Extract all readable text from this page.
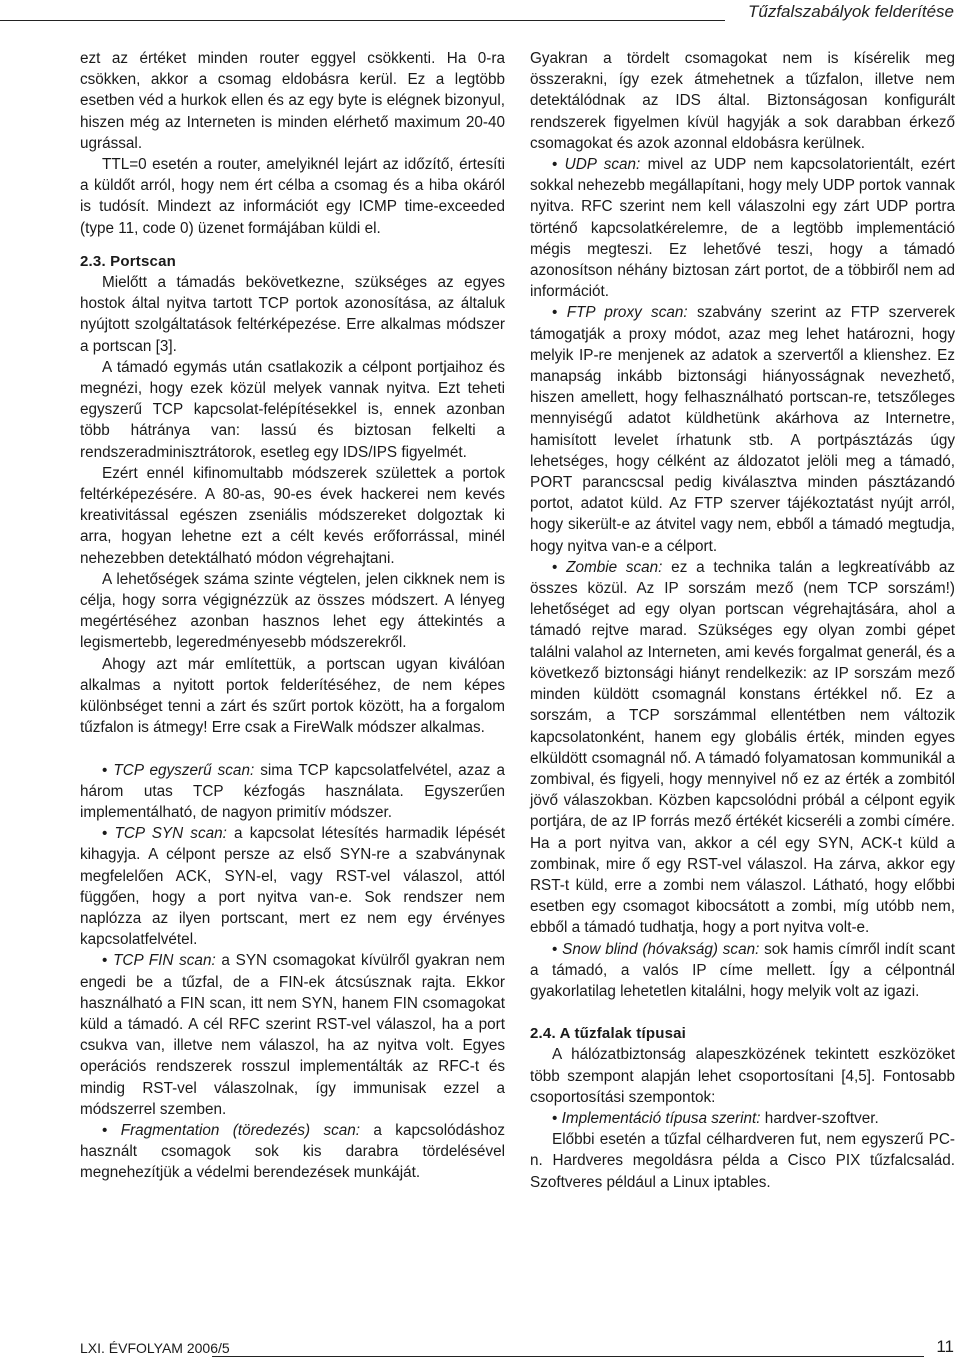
Tűzfalszabályok felderítése

ezt az értéket minden router eggyel csökkenti. Ha 0-ra csökken, akkor a csomag eldobásra kerül. Ez a legtöbb esetben véd a hurkok ellen és az egy byte is elégnek bizonyul, hiszen még az Interneten is minden elérhető maximum 20-40 ugrással.

TTL=0 esetén a router, amelyiknél lejárt az időzítő, értesíti a küldőt arról, hogy nem ért célba a csomag és a hiba okáról is tudósít. Mindezt az információt egy ICMP time-exceeded (type 11, code 0) üzenet formájában küldi el.

2.3. Portscan

Mielőtt a támadás bekövetkezne, szükséges az egyes hostok által nyitva tartott TCP portok azonosítása, az általuk nyújtott szolgáltatások feltérképezése. Erre alkalmas módszer a portscan [3].

A támadó egymás után csatlakozik a célpont portjaihoz és megnézi, hogy ezek közül melyek vannak nyitva. Ezt teheti egyszerű TCP kapcsolat-felépítésekkel is, ennek azonban több hátránya van: lassú és biztosan felkelti a rendszeradminisztrátorok, esetleg egy IDS/IPS figyelmét.

Ezért ennél kifinomultabb módszerek születtek a portok feltérképezésére. A 80-as, 90-es évek hackerei nem kevés kreativitással egészen zseniális módszereket dolgoztak ki arra, hogyan lehetne ezt a célt kevés erőforrással, minél nehezebben detektálható módon végrehajtani.

A lehetőségek száma szinte végtelen, jelen cikknek nem is célja, hogy sorra végignézzük az összes módszert. A lényeg megértéséhez azonban hasznos lehet egy áttekintés a legismertebb, legeredményesebb módszerekről.

Ahogy azt már említettük, a portscan ugyan kiválóan alkalmas a nyitott portok felderítéséhez, de nem képes különbséget tenni a zárt és szűrt portok között, ha a forgalom tűzfalon is átmegy! Erre csak a FireWalk módszer alkalmas.

• TCP egyszerű scan: sima TCP kapcsolatfelvétel, azaz a három utas TCP kézfogás használata. Egyszerűen implementálható, de nagyon primitív módszer.

• TCP SYN scan: a kapcsolat létesítés harmadik lépését kihagyja. A célpont persze az első SYN-re a szabványnak megfelelően ACK, SYN-el, vagy RST-vel válaszol, attól függően, hogy a port nyitva van-e. Sok rendszer nem naplózza az ilyen portscant, mert ez nem egy érvényes kapcsolatfelvétel.

• TCP FIN scan: a SYN csomagokat kívülről gyakran nem engedi be a tűzfal, de a FIN-ek átcsúsznak rajta. Ekkor használható a FIN scan, itt nem SYN, hanem FIN csomagokat küld a támadó. A cél RFC szerint RST-vel válaszol, ha a port csukva van, illetve nem válaszol, ha az nyitva volt. Egyes operációs rendszerek rosszul implementálták az RFC-t és mindig RST-vel válaszolnak, így immunisak ezzel a módszerrel szemben.

• Fragmentation (töredezés) scan: a kapcsolódáshoz használt csomagok sok kis darabra tördelésével megnehezítjük a védelmi berendezések munkáját.

Gyakran a tördelt csomagokat nem is kísérelik meg összerakni, így ezek átmehetnek a tűzfalon, illetve nem detektálódnak az IDS által. Biztonságosan konfigurált rendszerek figyelmen kívül hagyják a sok darabban érkező csomagokat és azok azonnal eldobásra kerülnek.

• UDP scan: mivel az UDP nem kapcsolatorientált, ezért sokkal nehezebb megállapítani, hogy mely UDP portok vannak nyitva. RFC szerint nem kell válaszolni egy zárt UDP portra történő kapcsolatkérelemre, de a legtöbb implementáció mégis megteszi. Ez lehetővé teszi, hogy a támadó azonosítson néhány biztosan zárt portot, de a többiről nem ad információt.

• FTP proxy scan: szabvány szerint az FTP szerverek támogatják a proxy módot, azaz meg lehet határozni, hogy melyik IP-re menjenek az adatok a szervertől a klienshez. Ez manapság inkább biztonsági hiányosságnak nevezhető, hiszen amellett, hogy felhasználható portscan-re, tetszőleges mennyiségű adatot küldhetünk akárhova az Internetre, hamisított levelet írhatunk stb. A portpásztázás úgy lehetséges, hogy célként az áldozatot jelöli meg a támadó, PORT parancscsal pedig kiválasztva minden pásztázandó portot, adatot küld. Az FTP szerver tájékoztatást nyújt arról, hogy sikerült-e az átvitel vagy nem, ebből a támadó megtudja, hogy nyitva van-e a célport.

• Zombie scan: ez a technika talán a legkreatívább az összes közül. Az IP sorszám mező (nem TCP sorszám!) lehetőséget ad egy olyan portscan végrehajtására, ahol a támadó rejtve marad. Szükséges egy olyan zombi gépet találni valahol az Interneten, ami kevés forgalmat generál, és a következő biztonsági hiányt rendelkezik: az IP sorszám mező minden küldött csomagnál konstans értékkel nő. Ez a sorszám, a TCP sorszámmal ellentétben nem változik kapcsolatonként, hanem egy globális érték, minden egyes elküldött csomagnál nő. A támadó folyamatosan kommunikál a zombival, és figyeli, hogy mennyivel nő ez az érték a zombitól jövő válaszokban. Közben kapcsolódni próbál a célpont egyik portjára, de az IP forrás mező értékét kicseréli a zombi címére. Ha a port nyitva van, akkor a cél egy SYN, ACK-t küld a zombinak, mire ő egy RST-vel válaszol. Ha zárva, akkor egy RST-t küld, erre a zombi nem válaszol. Látható, hogy előbbi esetben egy csomagot kibocsátott a zombi, míg utóbb nem, ebből a támadó tudhatja, hogy a port nyitva volt-e.

• Snow blind (hóvakság) scan: sok hamis címről indít scant a támadó, a valós IP címe mellett. Így a célpontnál gyakorlatilag lehetetlen kitalálni, hogy melyik volt az igazi.

2.4. A tűzfalak típusai

A hálózatbiztonság alapeszközének tekintett eszközöket több szempont alapján lehet csoportosítani [4,5]. Fontosabb csoportosítási szempontok:

• Implementáció típusa szerint: hardver-szoftver.

Előbbi esetén a tűzfal célhardveren fut, nem egyszerű PC-n. Hardveres megoldásra példa a Cisco PIX tűzfalcsalád. Szoftveres például a Linux iptables.

LXI. ÉVFOLYAM 2006/5	11
